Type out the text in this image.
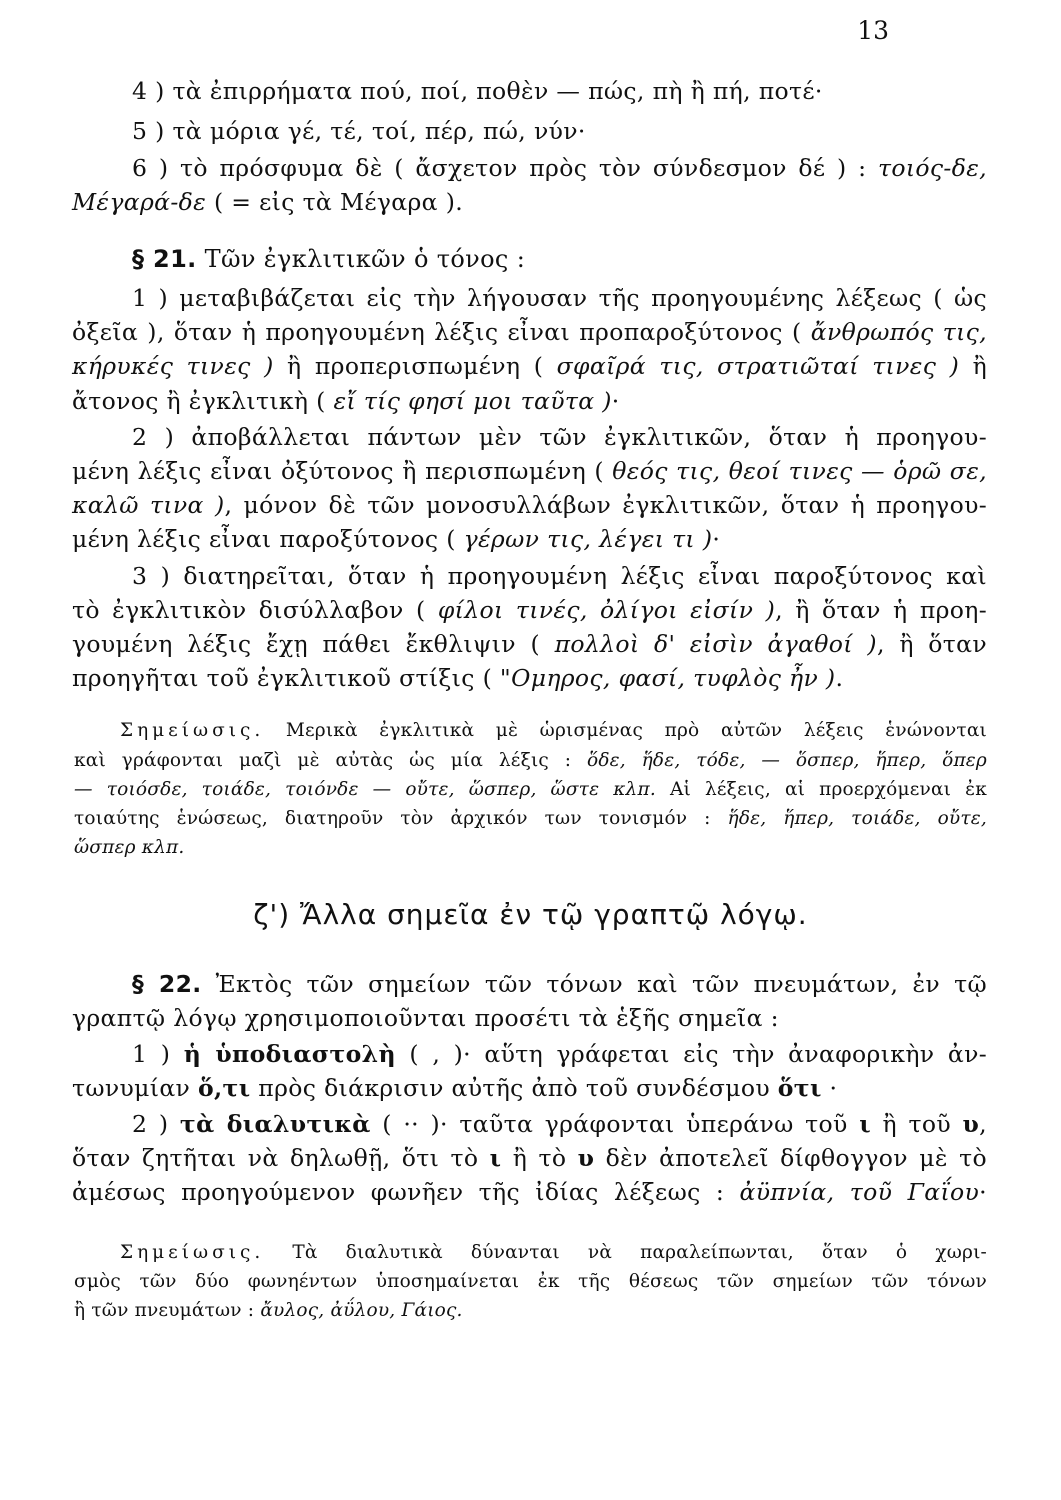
13
4 ) τὰ ἐπιρρήματα πού, ποί, ποθὲν — πώς, πὴ ἢ πή, ποτέ·
5 ) τὰ μόρια γέ, τέ, τοί, πέρ, πώ, νύν·
6 ) τὸ πρόσφυμα δὲ ( ἄσχετον πρὸς τὸν σύνδεσμον δέ ) : τοιός-δε,
Μέγαρά-δε ( = εἰς τὰ Μέγαρα ).
§ 21. Τῶν ἐγκλιτικῶν ὁ τόνος :
1 ) μεταβιβάζεται εἰς τὴν λήγουσαν τῆς προηγουμένης λέξεως ( ὡς
ὀξεῖα ), ὅταν ἡ προηγουμένη λέξις εἶναι προπαροξύτονος ( ἄνθρωπός τις,
κήρυκές τινες ) ἢ προπερισπωμένη ( σφαῖρά τις, στρατιῶταί τινες ) ἢ
ἄτονος ἢ ἐγκλιτικὴ ( εἴ τίς φησί μοι ταῦτα )·
2 ) ἀποβάλλεται πάντων μὲν τῶν ἐγκλιτικῶν, ὅταν ἡ προηγου-
μένη λέξις εἶναι ὀξύτονος ἢ περισπωμένη ( θεός τις, θεοί τινες — ὁρῶ σε,
καλῶ τινα ), μόνον δὲ τῶν μονοσυλλάβων ἐγκλιτικῶν, ὅταν ἡ προηγου-
μένη λέξις εἶναι παροξύτονος ( γέρων τις, λέγει τι )·
3 ) διατηρεῖται, ὅταν ἡ προηγουμένη λέξις εἶναι παροξύτονος καὶ
τὸ ἐγκλιτικὸν δισύλλαβον ( φίλοι τινές, ὀλίγοι εἰσίν ), ἢ ὅταν ἡ προη-
γουμένη λέξις ἔχῃ πάθει ἔκθλιψιν ( πολλοὶ δ' εἰσὶν ἀγαθοί ), ἢ ὅταν
προηγῆται τοῦ ἐγκλιτικοῦ στίξις ( "Ομηρος, φασί, τυφλὸς ἦν ).
Σημείωσις. Μερικὰ ἐγκλιτικὰ μὲ ὡρισμένας πρὸ αὐτῶν λέξεις ἑνώνονται
καὶ γράφονται μαζὶ μὲ αὐτὰς ὡς μία λέξις : ὅδε, ἥδε, τόδε, — ὅσπερ, ἥπερ, ὅπερ
— τοιόσδε, τοιάδε, τοιόνδε — οὔτε, ὥσπερ, ὥστε κλπ. Αἱ λέξεις, αἱ προερχόμεναι ἐκ
τοιαύτης ἑνώσεως, διατηροῦν τὸν ἀρχικόν των τονισμόν : ἥδε, ἥπερ, τοιάδε, οὔτε,
ὥσπερ κλπ.
ζ') Ἄλλα σημεῖα ἐν τῷ γραπτῷ λόγῳ.
§ 22. Ἐκτὸς τῶν σημείων τῶν τόνων καὶ τῶν πνευμάτων, ἐν τῷ
γραπτῷ λόγῳ χρησιμοποιοῦνται προσέτι τὰ ἑξῆς σημεῖα :
1 ) ἡ ὑποδιαστολὴ ( , )· αὕτη γράφεται εἰς τὴν ἀναφορικὴν ἀν-
τωνυμίαν ὅ,τι πρὸς διάκρισιν αὐτῆς ἀπὸ τοῦ συνδέσμου ὅτι ·
2 ) τὰ διαλυτικὰ ( ·· )· ταῦτα γράφονται ὑπεράνω τοῦ ι ἢ τοῦ υ,
ὅταν ζητῆται νὰ δηλωθῇ, ὅτι τὸ ι ἢ τὸ υ δὲν ἀποτελεῖ δίφθογγον μὲ τὸ
ἀμέσως προηγούμενον φωνῆεν τῆς ἰδίας λέξεως : ἀϋπνία, τοῦ Γαΐου·
Σημείωσις. Τὰ διαλυτικὰ δύνανται νὰ παραλείπωνται, ὅταν ὁ χωρι-
σμὸς τῶν δύο φωνηέντων ὑποσημαίνεται ἐκ τῆς θέσεως τῶν σημείων τῶν τόνων
ἢ τῶν πνευμάτων : ἄυλος, ἀΰλου, Γάιος.
